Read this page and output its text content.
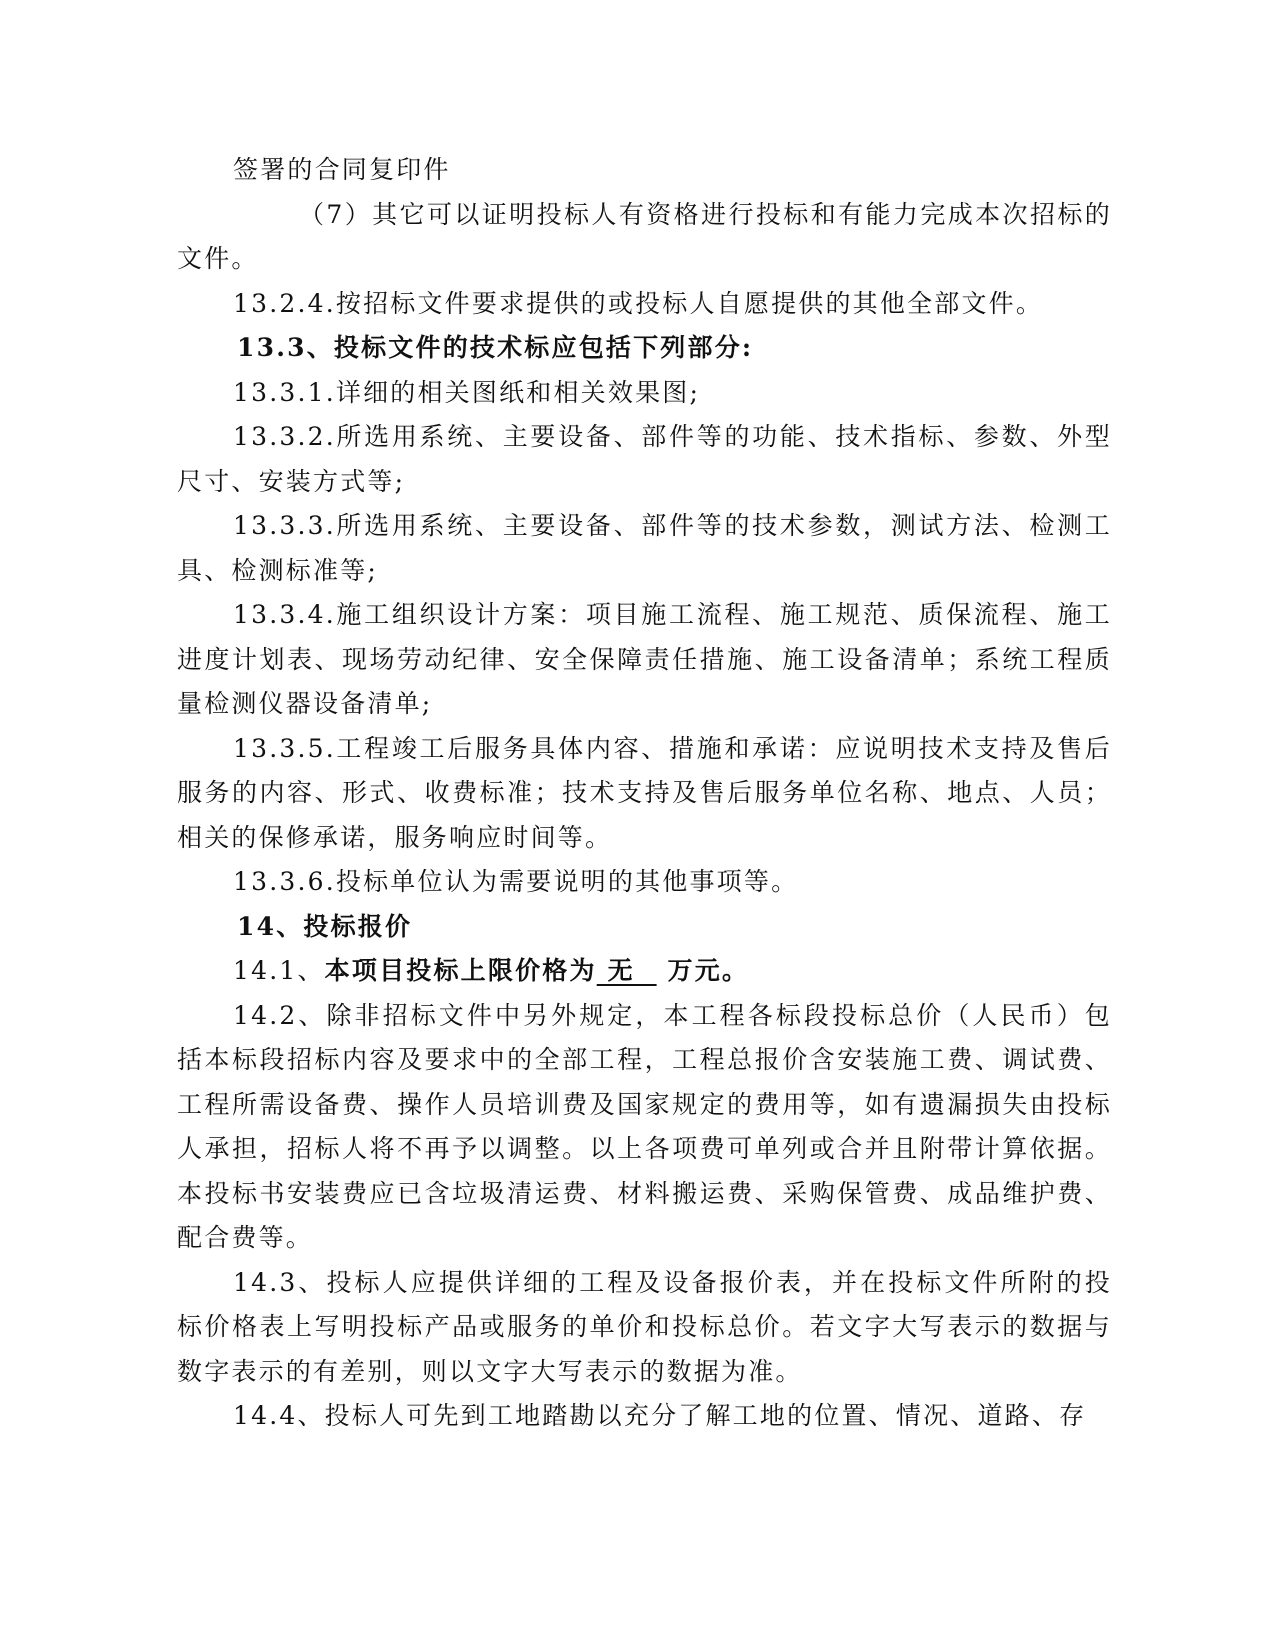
签署的合同复印件

（7）其它可以证明投标人有资格进行投标和有能力完成本次招标的文件。

13.2.4.按招标文件要求提供的或投标人自愿提供的其他全部文件。

13.3、投标文件的技术标应包括下列部分:

13.3.1.详细的相关图纸和相关效果图;

13.3.2.所选用系统、主要设备、部件等的功能、技术指标、参数、外型尺寸、安装方式等;

13.3.3.所选用系统、主要设备、部件等的技术参数，测试方法、检测工具、检测标准等;

13.3.4.施工组织设计方案：项目施工流程、施工规范、质保流程、施工进度计划表、现场劳动纪律、安全保障责任措施、施工设备清单；系统工程质量检测仪器设备清单;

13.3.5.工程竣工后服务具体内容、措施和承诺：应说明技术支持及售后服务的内容、形式、收费标准；技术支持及售后服务单位名称、地点、人员；相关的保修承诺，服务响应时间等。

13.3.6.投标单位认为需要说明的其他事项等。

14、投标报价

14.1、本项目投标上限价格为 无   万元。

14.2、除非招标文件中另外规定，本工程各标段投标总价（人民币）包括本标段招标内容及要求中的全部工程，工程总报价含安装施工费、调试费、工程所需设备费、操作人员培训费及国家规定的费用等，如有遗漏损失由投标人承担，招标人将不再予以调整。以上各项费可单列或合并且附带计算依据。本投标书安装费应已含垃圾清运费、材料搬运费、采购保管费、成品维护费、配合费等。

14.3、投标人应提供详细的工程及设备报价表，并在投标文件所附的投标价格表上写明投标产品或服务的单价和投标总价。若文字大写表示的数据与数字表示的有差别，则以文字大写表示的数据为准。

14.4、投标人可先到工地踏勘以充分了解工地的位置、情况、道路、存
